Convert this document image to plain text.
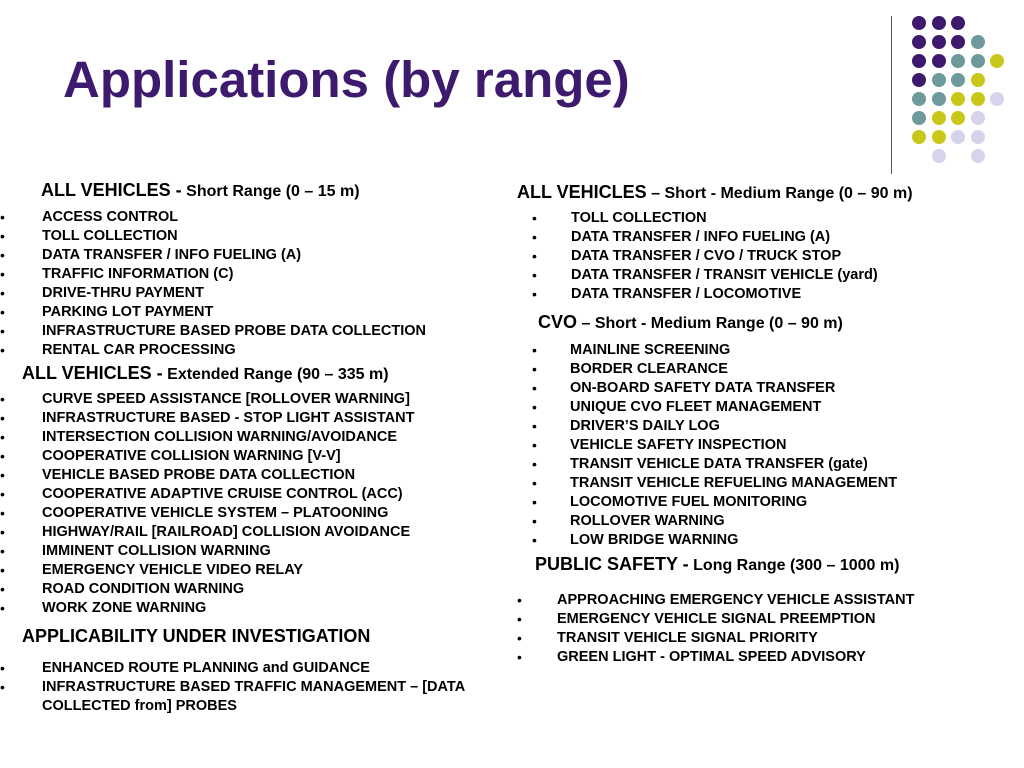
Applications (by range)
ALL VEHICLES - Short Range (0 – 15 m)
•	ACCESS CONTROL
•	TOLL COLLECTION
•	DATA TRANSFER / INFO FUELING (A)
•	TRAFFIC INFORMATION (C)
•	DRIVE-THRU PAYMENT
•	PARKING LOT PAYMENT
•	INFRASTRUCTURE BASED PROBE DATA COLLECTION
•	RENTAL CAR PROCESSING
ALL VEHICLES - Extended Range (90 – 335 m)
•	CURVE SPEED ASSISTANCE [ROLLOVER WARNING]
•	INFRASTRUCTURE BASED - STOP LIGHT ASSISTANT
•	INTERSECTION COLLISION WARNING/AVOIDANCE
•	COOPERATIVE COLLISION WARNING [V-V]
•	VEHICLE BASED PROBE DATA COLLECTION
•	COOPERATIVE ADAPTIVE CRUISE CONTROL (ACC)
•	COOPERATIVE VEHICLE SYSTEM – PLATOONING
•	HIGHWAY/RAIL [RAILROAD] COLLISION AVOIDANCE
•	IMMINENT COLLISION WARNING
•	EMERGENCY VEHICLE VIDEO RELAY
•	ROAD CONDITION WARNING
•	WORK ZONE WARNING
APPLICABILITY UNDER INVESTIGATION
•	ENHANCED ROUTE PLANNING and GUIDANCE
•	INFRASTRUCTURE BASED TRAFFIC MANAGEMENT – [DATA COLLECTED from] PROBES
ALL VEHICLES – Short - Medium Range (0 – 90 m)
• TOLL COLLECTION
• DATA TRANSFER / INFO FUELING (A)
• DATA TRANSFER / CVO / TRUCK STOP
• DATA TRANSFER / TRANSIT VEHICLE (yard)
• DATA TRANSFER / LOCOMOTIVE
CVO – Short - Medium Range (0 – 90 m)
• MAINLINE SCREENING
• BORDER CLEARANCE
• ON-BOARD SAFETY DATA TRANSFER
• UNIQUE CVO FLEET MANAGEMENT
• DRIVER’S DAILY LOG
• VEHICLE SAFETY INSPECTION
• TRANSIT VEHICLE DATA TRANSFER (gate)
• TRANSIT VEHICLE REFUELING MANAGEMENT
• LOCOMOTIVE FUEL MONITORING
• ROLLOVER WARNING
• LOW BRIDGE WARNING
PUBLIC SAFETY - Long Range (300 – 1000 m)
• APPROACHING EMERGENCY VEHICLE ASSISTANT
• EMERGENCY VEHICLE SIGNAL PREEMPTION
• TRANSIT VEHICLE SIGNAL PRIORITY
• GREEN LIGHT - OPTIMAL SPEED ADVISORY
